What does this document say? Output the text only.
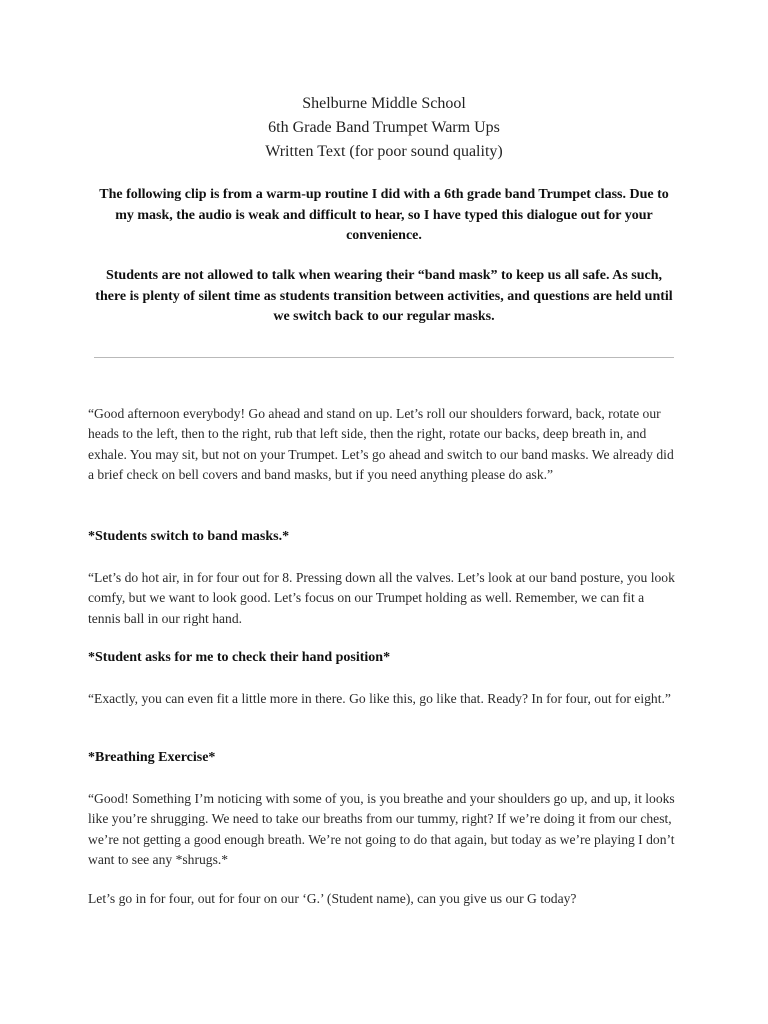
Shelburne Middle School
6th Grade Band Trumpet Warm Ups
Written Text (for poor sound quality)

The following clip is from a warm-up routine I did with a 6th grade band Trumpet class. Due to my mask, the audio is weak and difficult to hear, so I have typed this dialogue out for your convenience.

Students are not allowed to talk when wearing their “band mask” to keep us all safe. As such, there is plenty of silent time as students transition between activities, and questions are held until we switch back to our regular masks.

“Good afternoon everybody! Go ahead and stand on up. Let’s roll our shoulders forward, back, rotate our heads to the left, then to the right, rub that left side, then the right, rotate our backs, deep breath in, and exhale. You may sit, but not on your Trumpet. Let’s go ahead and switch to our band masks. We already did a brief check on bell covers and band masks, but if you need anything please do ask.”

*Students switch to band masks.*

“Let’s do hot air, in for four out for 8. Pressing down all the valves. Let’s look at our band posture, you look comfy, but we want to look good. Let’s focus on our Trumpet holding as well. Remember, we can fit a tennis ball in our right hand.

*Student asks for me to check their hand position*

“Exactly, you can even fit a little more in there. Go like this, go like that. Ready? In for four, out for eight.”

*Breathing Exercise*

“Good! Something I’m noticing with some of you, is you breathe and your shoulders go up, and up, it looks like you’re shrugging. We need to take our breaths from our tummy, right? If we’re doing it from our chest, we’re not getting a good enough breath. We’re not going to do that again, but today as we’re playing I don’t want to see any *shrugs.*

Let’s go in for four, out for four on our ‘G.’ (Student name), can you give us our G today?
